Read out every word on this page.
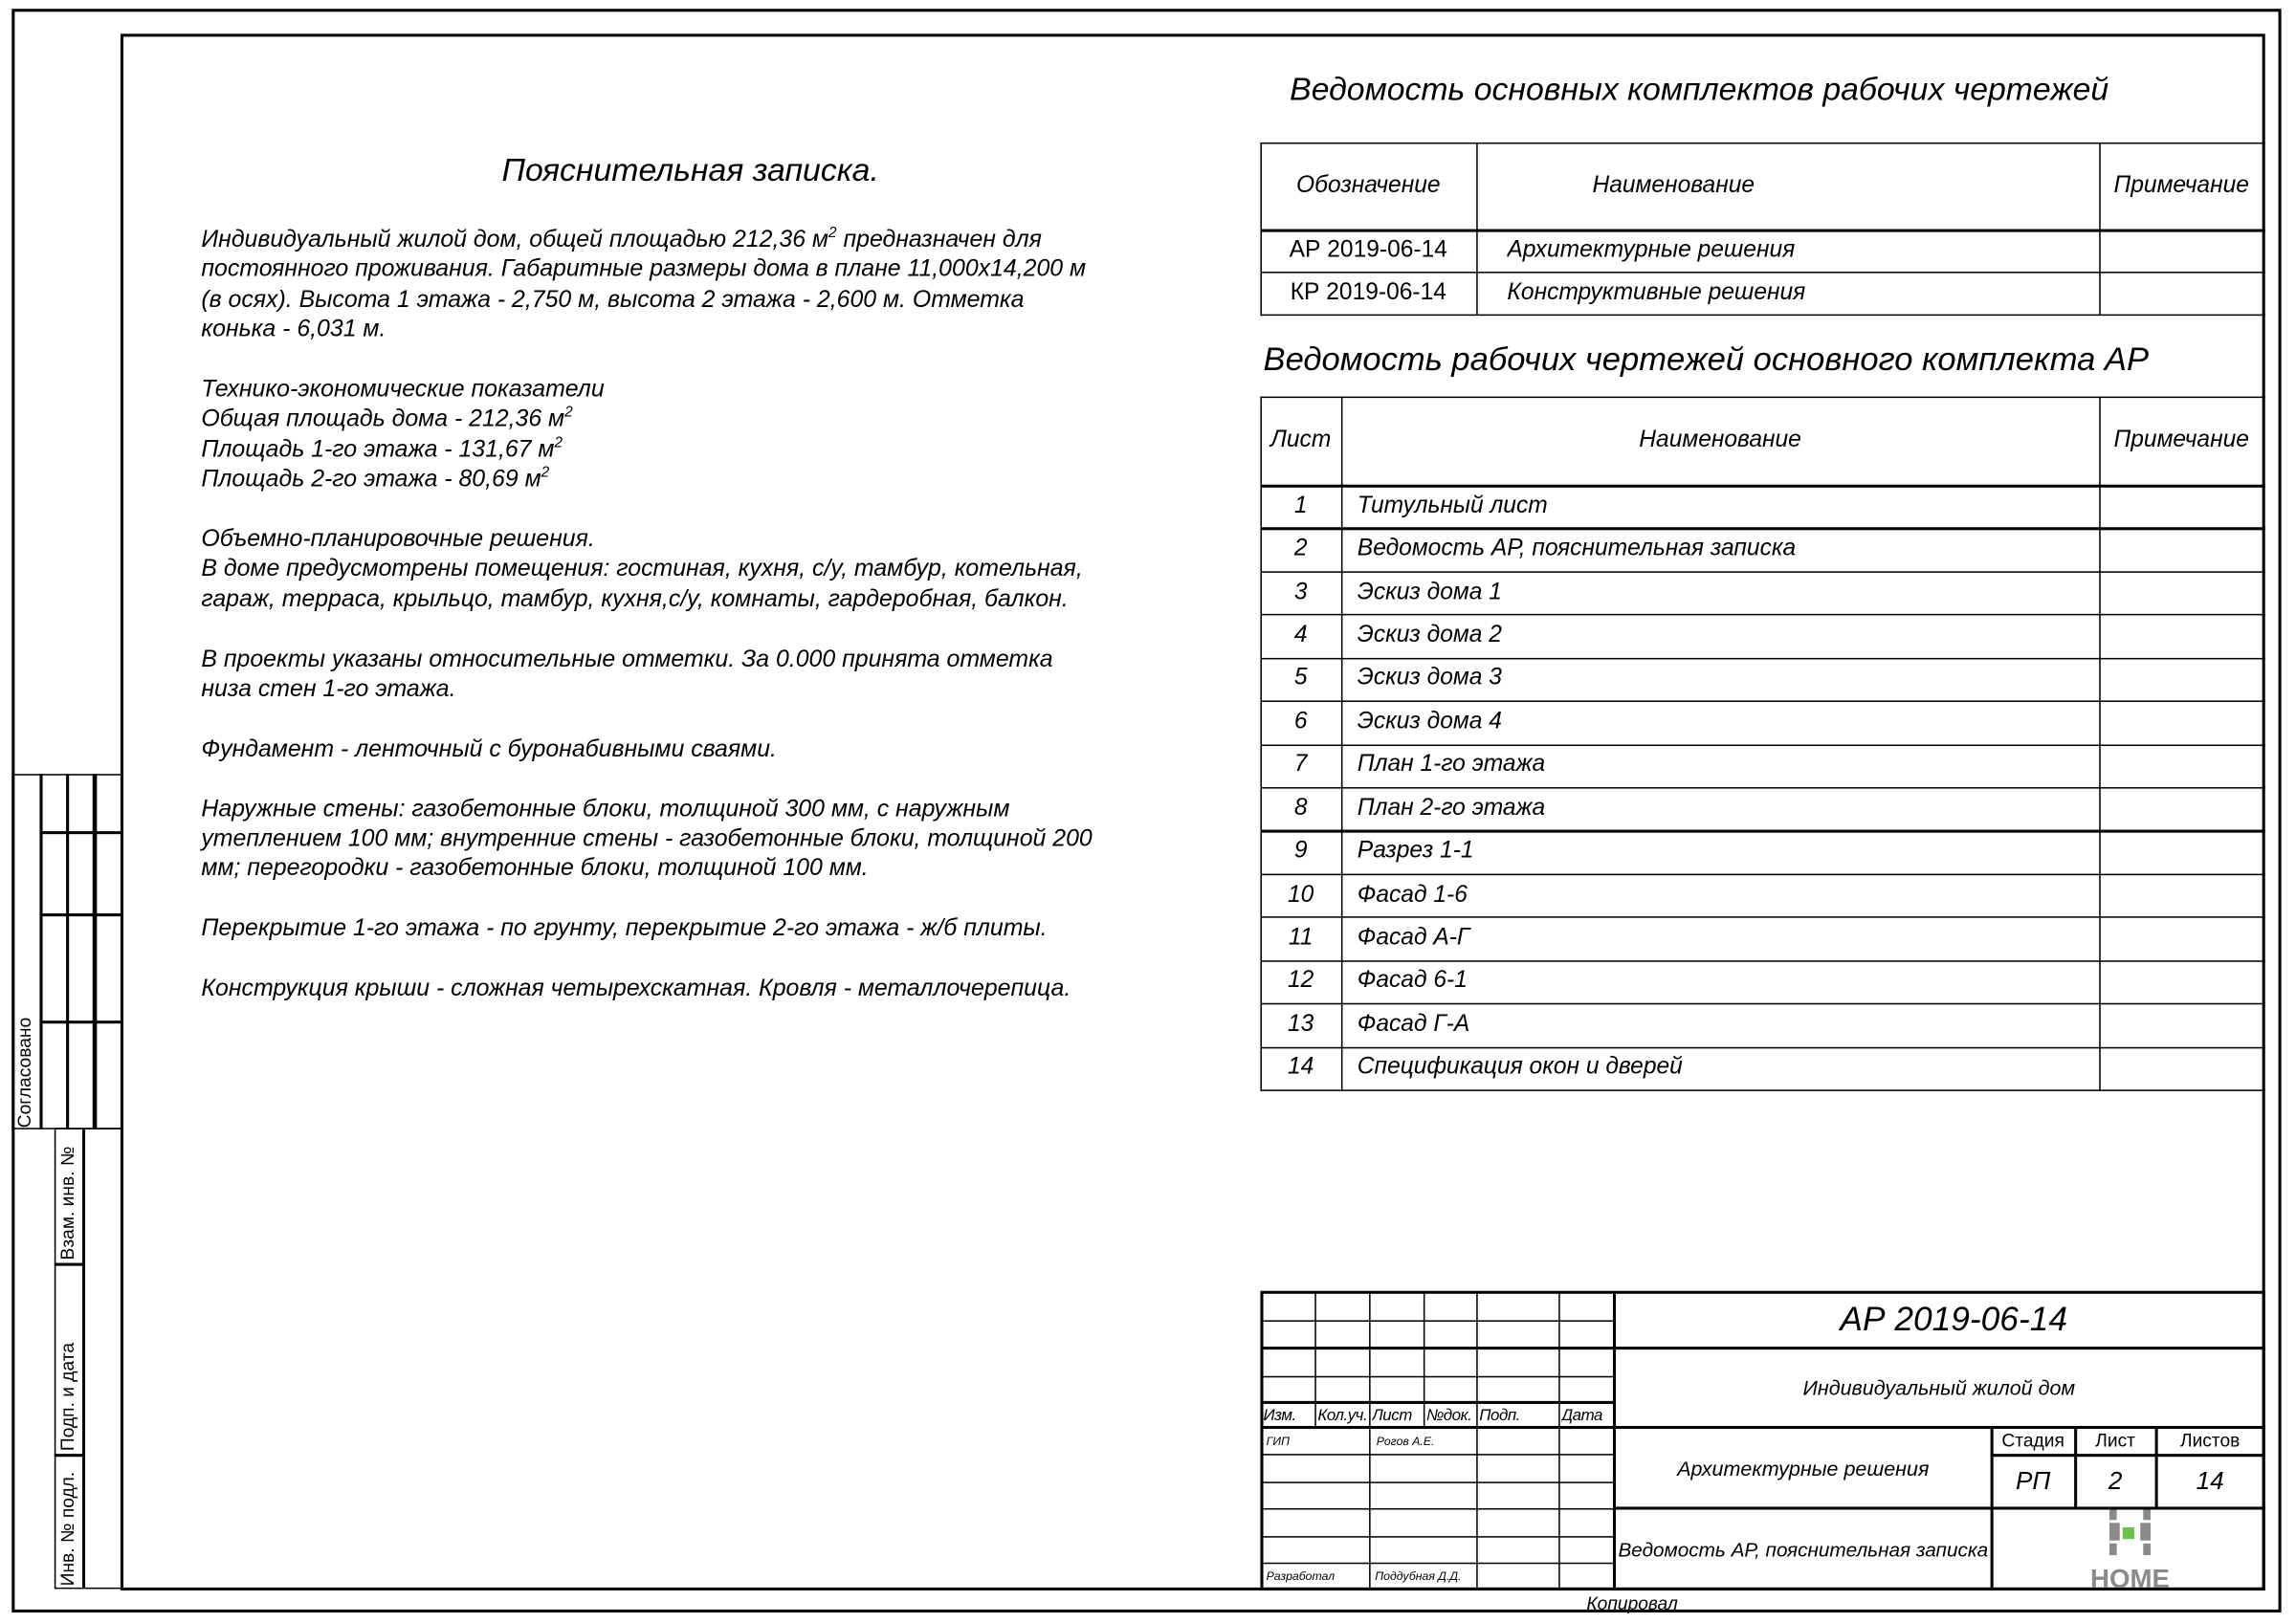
Согласовано
Взам. инв. №
Подп. и дата
Инв. № подл.
Пояснительная записка.

Индивидуальный жилой дом, общей площадью 212,36 $м^2$ предназначен для
постоянного проживания. Габаритные размеры дома в плане 11,000х14,200 м
(в осях). Высота 1 этажа - 2,750 м, высота 2 этажа - 2,600 м. Отметка
конька - 6,031 м.

Технико-экономические показатели
Общая площадь дома - 212,36 $м^2$
Площадь 1-го этажа - 131,67 $м^2$
Площадь 2-го этажа - 80,69 $м^2$

Объемно-планировочные решения.
В доме предусмотрены помещения: гостиная, кухня, с/у, тамбур, котельная,
гараж, терраса, крыльцо, тамбур, кухня,с/у, комнаты, гардеробная, балкон.

В проекты указаны относительные отметки. За 0.000 принята отметка
низа стен 1-го этажа.

Фундамент - ленточный с буронабивными сваями.

Наружные стены: газобетонные блоки, толщиной 300 мм, с наружным
утеплением 100 мм; внутренние стены - газобетонные блоки, толщиной 200
мм; перегородки - газобетонные блоки, толщиной 100 мм.

Перекрытие 1-го этажа - по грунту, перекрытие 2-го этажа - ж/б плиты.

Конструкция крыши - сложная четырехскатная. Кровля - металлочерепица.

Ведомость основных комплектов рабочих чертежей
Обозначение	Наименование	Примечание
АР 2019-06-14	Архитектурные решения
КР 2019-06-14	Конструктивные решения
Ведомость рабочих чертежей основного комплекта АР
Лист	Наименование	Примечание
1	Титульный лист
2	Ведомость АР, пояснительная записка
3	Эскиз дома 1
4	Эскиз дома 2
5	Эскиз дома 3
6	Эскиз дома 4
7	План 1-го этажа
8	План 2-го этажа
9	Разрез 1-1
10	Фасад 1-6
11	Фасад А-Г
12	Фасад 6-1
13	Фасад Г-А
14	Спецификация окон и дверей
Изм.	Кол.уч. Лист	№док. Подп.	Дата
ГИП	Рогов А.Е.
Разработал	Поддубная Д.Д.
АР 2019-06-14
Индивидуальный жилой дом
Архитектурные решения
Ведомость АР, пояснительная записка
Стадия	Лист	Листов
РП	2	14
HOME
Копировал
